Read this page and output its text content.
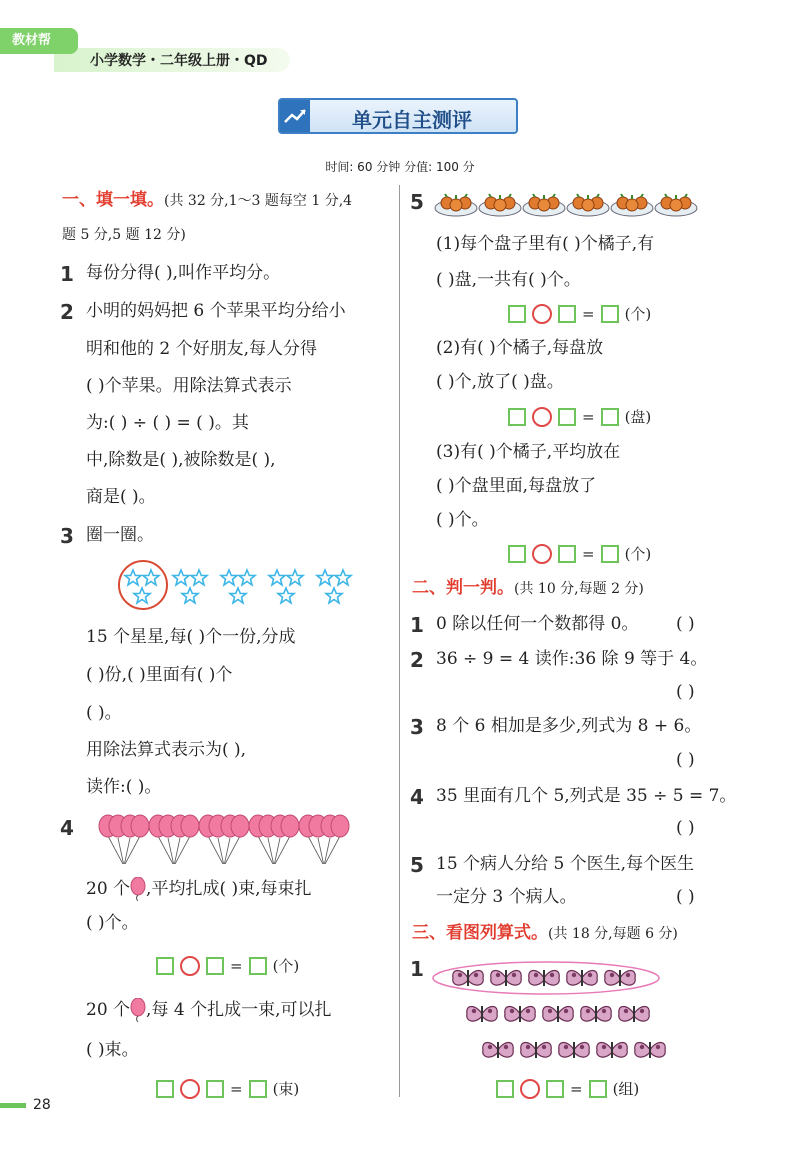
教材帮
小学数学・二年级上册・QD
单元自主测评
时间: 60 分钟 分值: 100 分
一、填一填。(共 32 分,1～3 题每空 1 分,4
题 5 分,5 题 12 分)
1 每份分得( ),叫作平均分。
2 小明的妈妈把 6 个苹果平均分给小
明和他的 2 个好朋友,每人分得
( )个苹果。用除法算式表示
为:( ) ÷ ( ) = ( )。其
中,除数是( ),被除数是( ),
商是( )。
3 圈一圈。
15 个星星,每( )个一份,分成
( )份,( )里面有( )个
( )。
用除法算式表示为( ),
读作:( )。
4
20 个 ,平均扎成( )束,每束扎
( )个。
= (个)
20 个 ,每 4 个扎成一束,可以扎
( )束。
= (束)
5
(1)每个盘子里有( )个橘子,有
( )盘,一共有( )个。
= (个)
(2)有( )个橘子,每盘放
( )个,放了( )盘。
= (盘)
(3)有( )个橘子,平均放在
( )个盘里面,每盘放了
( )个。
= (个)
二、判一判。(共 10 分,每题 2 分)
1 0 除以任何一个数都得 0。 ( )
2 36 ÷ 9 = 4 读作:36 除 9 等于 4。
( )
3 8 个 6 相加是多少,列式为 8 + 6。
( )
4 35 里面有几个 5,列式是 35 ÷ 5 = 7。
( )
5 15 个病人分给 5 个医生,每个医生
一定分 3 个病人。	( )
三、看图列算式。(共 18 分,每题 6 分)
1
= (组)
28
